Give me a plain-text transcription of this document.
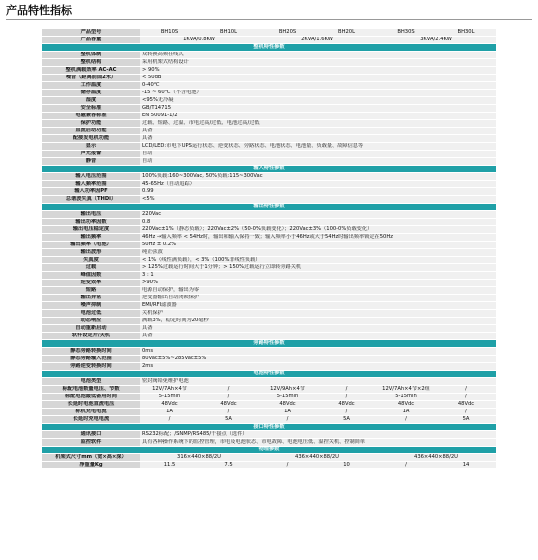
产品特性指标
产品型号	BH10S	BH10L	BH20S	BH20L	BH30S	BH30L
产品容量	1KVA/0.8KW		2KVA/1.6KW		3KVA/2.4KW	
整机特性参数						
整机体制	双转换高频在线式					
整机结构	采用机架式结构设计					
整机满载效率 AC-AC	> 90%					
噪音（距离前面2米）	< 50dB					
工作温度	0-40℃					
储存温度	-15 ~ 60℃（不含电池）					
湿度	<95%无冷凝					
安全标准	GB/T14715					
电磁兼容标准	EN 50091-1/2					
保护功能	过载、短路、过温、市电过高/过低、电池过高/过低					
直流启动功能	具备					
配接发电机功能	具备					
显示	LCD/LED:市电下UPS运行状态、逆变状态、旁路状态、电池状态、电池量、负载量、故障信息等					
声光报警	自动					
静音	自动					
输入特性参数						
输入电压范围	100%负载:160~300Vac, 50%负载:115~300Vac					
输入频率范围	45-65Hz（自动追踪）					
输入功率因PF	0.99					
总谐波失真（THDi）	<5%					
输出特性参数						
输出电压	220Vac					
输出功率因数	0.8					
输出电压稳定度	220Vac±1%（静态负载）；220Vac±2%（50-0%负载变化）；220Vac±3%（100-0%负载变化）					
输出频率	46Hz →输入频率 < 54Hz时，输出和输入保持一致；输入频率小于46Hz或大于54Hz时输出频率锁定在50Hz					
输出频率（电池）	50Hz ± 0.2%					
输出波形	纯正弦波					
失真度	< 1%（线性满负载），< 3%（100%非线性负载）					
过载	> 125%过载运行时间大于1分钟；> 150%过载运行立即转旁路关机					
峰值因数	3 : 1					
逆变效率	>90%					
短路	电源自动保护，输出为零					
输出异常	逆变器输出自动闭锁保护					
噪声抑制	EMI/RFI滤波器					
电池过低	关机保护					
动态响应	满载3%，稳定时间为20毫秒					
自动重新启动	具备					
软件设定开/关机	具备					
旁路特性参数						
静态旁路转换时间	0ms					
静态旁路输入范围	80Vac±5%~285Vac±5%					
旁路逆变转换时间	2ms					
电池特性参数						
电池类型	密封阀铅免维护电池					
标配电池数量电压、节数	12V/7Ah×4节	/	12V/9Ah×4节	/	12V/7Ah×4节×2组	/
标配电池最低备用时间	5-15min	/	5-15min	/	5-15min	/
长延时电池直流电压	48Vdc	48Vdc	48Vdc	48Vdc	48Vdc	48Vdc
标机充电电流	1A	/	1A	/	1A	/
长延时充电电流	/	5A	/	5A	/	5A
接口特性参数						
通讯接口	RS232标配；/SNMP/RS485/干接点（选件）					
监控软件	具有各种操作系统下的监控管理，市电及电池状态、市电故障、电池电压低、温控关机、控制简单					
物理参数						
机架式尺寸mm（宽×高×深）	316×440×88/2U		436×440×88/2U		436×440×88/2U	
净重量Kg	11.5	7.5	/	10	/	14
